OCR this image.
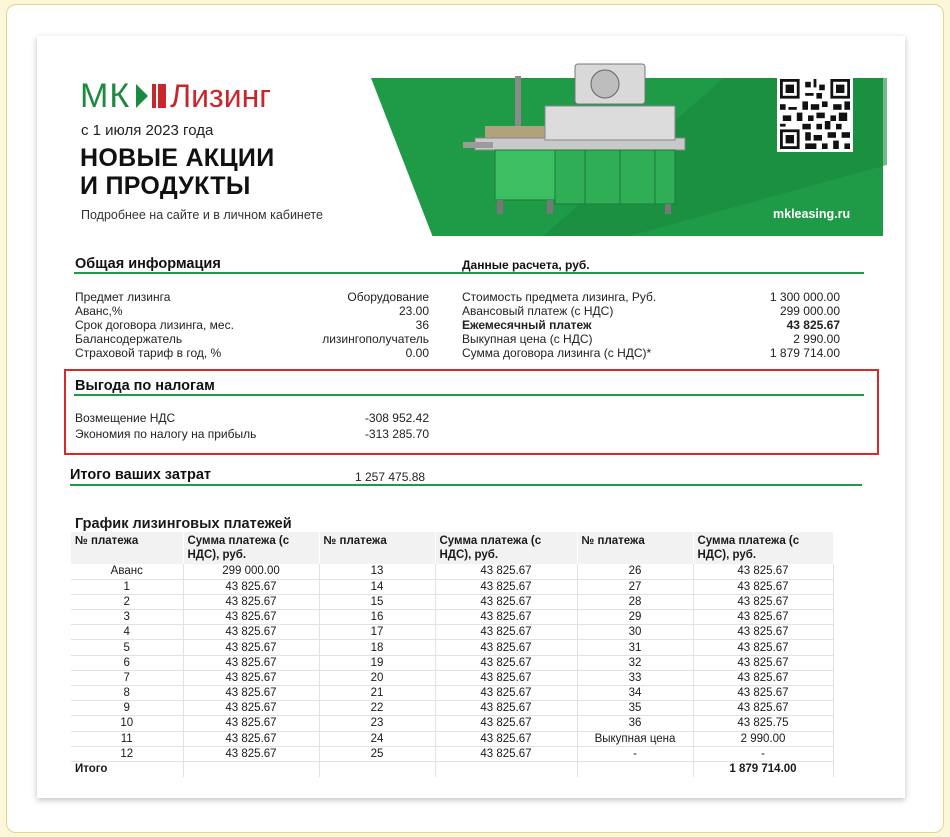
МК Лизинг
с 1 июля 2023 года
НОВЫЕ АКЦИИ
И ПРОДУКТЫ
Подробнее на сайте и в личном кабинете	mkleasing.ru
Общая информация	Данные расчета, руб.
Предмет лизинга	Оборудование
Аванс,%	23.00
Срок договора лизинга, мес.	36
Балансодержатель	лизингополучатель
Страховой тариф в год, %	0.00
Стоимость предмета лизинга, Руб.	1 300 000.00
Авансовый платеж (с НДС)	299 000.00
Ежемесячный платеж	43 825.67
Выкупная цена (с НДС)	2 990.00
Сумма договора лизинга (с НДС)*	1 879 714.00
Выгода по налогам
Возмещение НДС	-308 952.42
Экономия по налогу на прибыль	-313 285.70
Итого ваших затрат	1 257 475.88
График лизинговых платежей
№ платежа	Сумма платежа (с НДС), руб.	№ платежа	Сумма платежа (с НДС), руб.	№ платежа	Сумма платежа (с НДС), руб.
Аванс	299 000.00	13	43 825.67	26	43 825.67
1	43 825.67	14	43 825.67	27	43 825.67
2	43 825.67	15	43 825.67	28	43 825.67
3	43 825.67	16	43 825.67	29	43 825.67
4	43 825.67	17	43 825.67	30	43 825.67
5	43 825.67	18	43 825.67	31	43 825.67
6	43 825.67	19	43 825.67	32	43 825.67
7	43 825.67	20	43 825.67	33	43 825.67
8	43 825.67	21	43 825.67	34	43 825.67
9	43 825.67	22	43 825.67	35	43 825.67
10	43 825.67	23	43 825.67	36	43 825.75
11	43 825.67	24	43 825.67	Выкупная цена	2 990.00
12	43 825.67	25	43 825.67	-	-
Итого					1 879 714.00
